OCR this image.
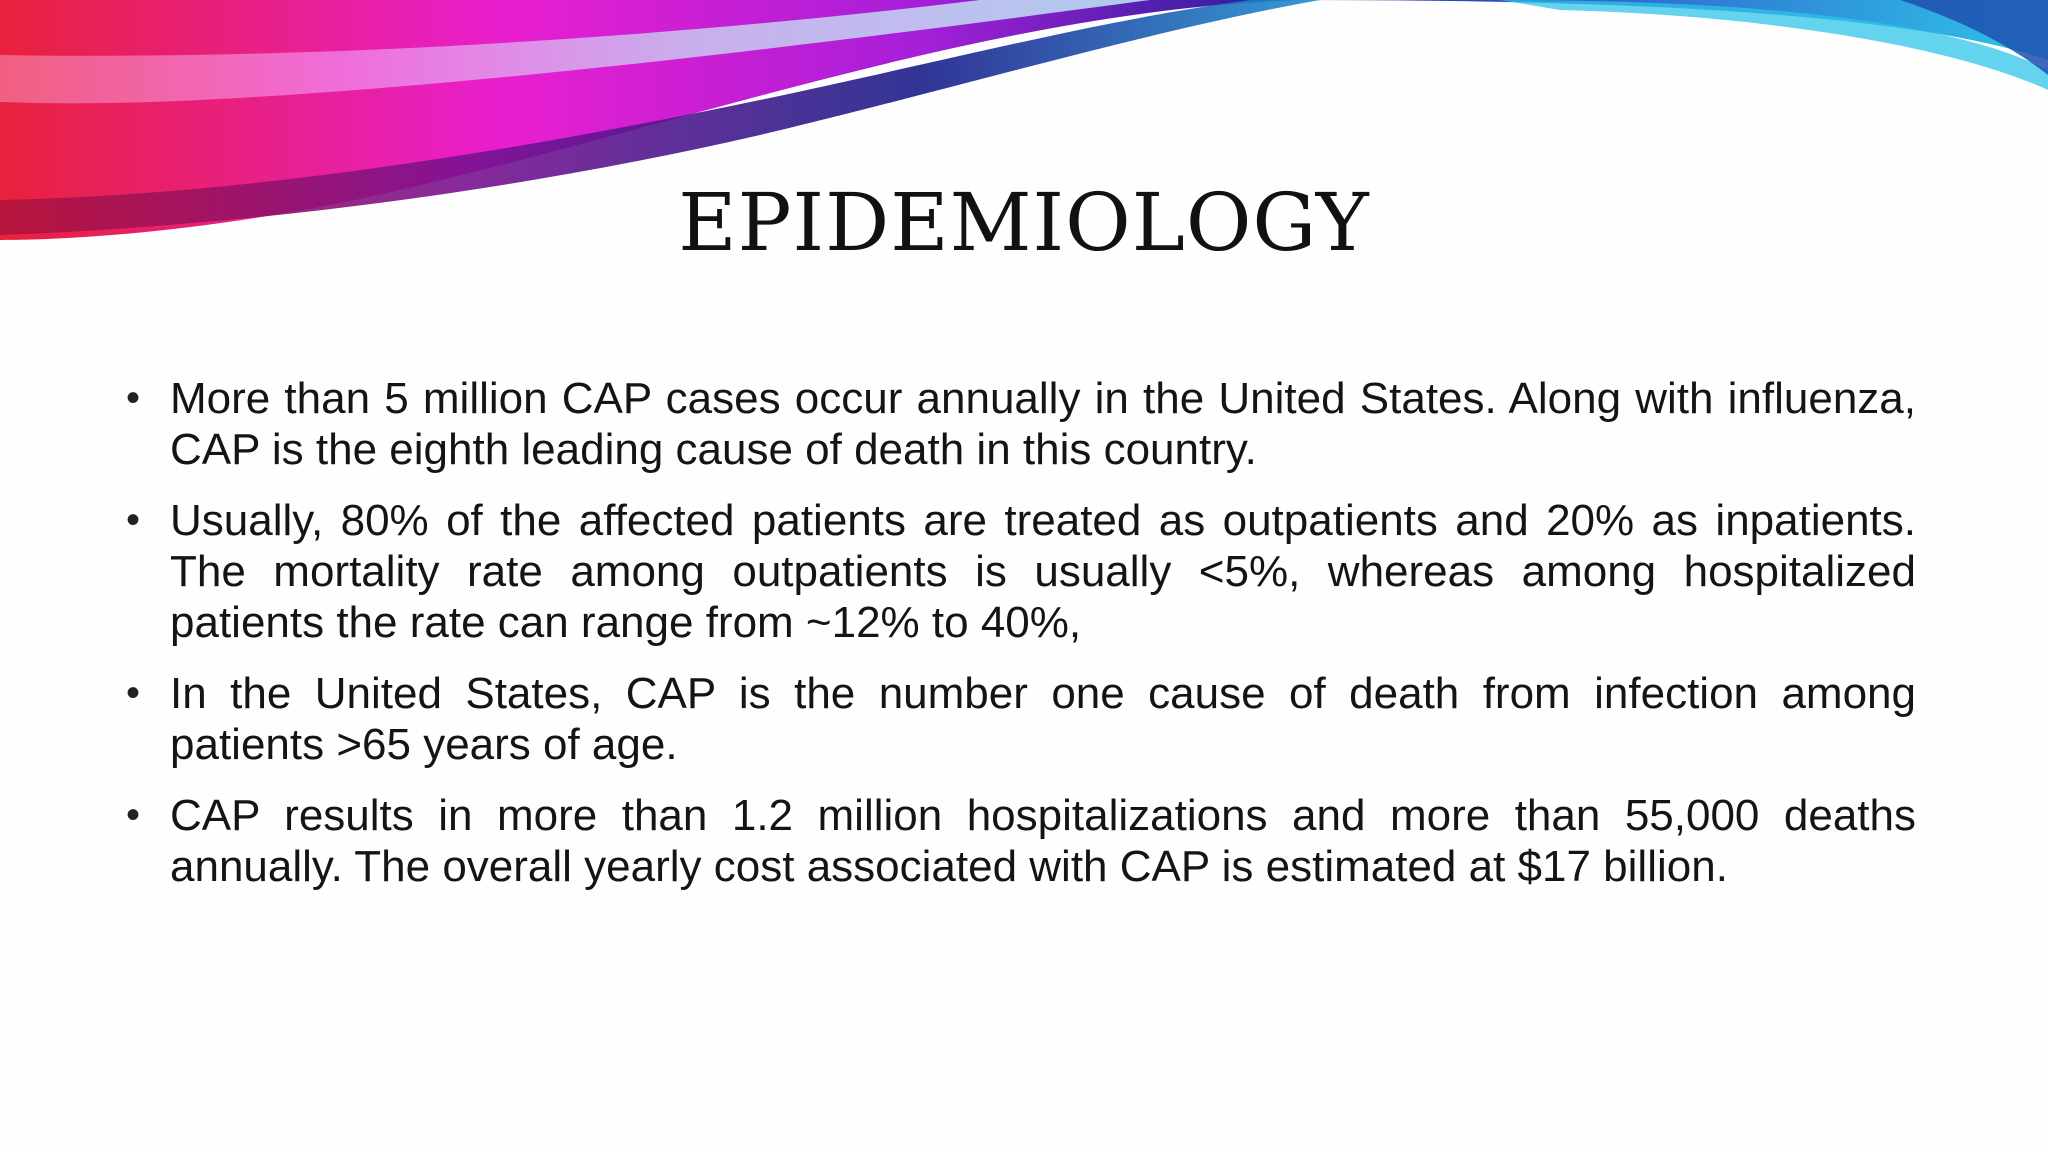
EPIDEMIOLOGY
• More than 5 million CAP cases occur annually in the United States. Along with influenza, CAP is the eighth leading cause of death in this country.
• Usually, 80% of the affected patients are treated as outpatients and 20% as inpatients. The mortality rate among outpatients is usually <5%, whereas among hospitalized patients the rate can range from ~12% to 40%,
• In the United States, CAP is the number one cause of death from infection among patients >65 years of age.
• CAP results in more than 1.2 million hospitalizations and more than 55,000 deaths annually. The overall yearly cost associated with CAP is estimated at $17 billion.
